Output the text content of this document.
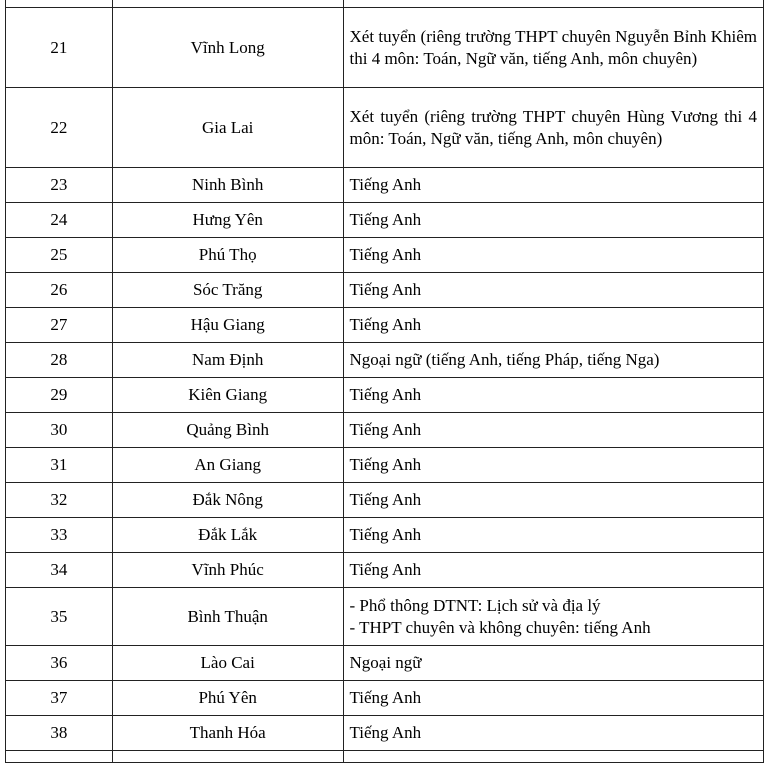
21	Vĩnh Long	Xét tuyển (riêng trường THPT chuyên Nguyễn Bỉnh Khiêm thi 4 môn: Toán, Ngữ văn, tiếng Anh, môn chuyên)

22	Gia Lai	Xét tuyển (riêng trường THPT chuyên Hùng Vương thi 4 môn: Toán, Ngữ văn, tiếng Anh, môn chuyên)

23	Ninh Bình	Tiếng Anh

24	Hưng Yên	Tiếng Anh

25	Phú Thọ	Tiếng Anh

26	Sóc Trăng	Tiếng Anh

27	Hậu Giang	Tiếng Anh

28	Nam Định	Ngoại ngữ (tiếng Anh, tiếng Pháp, tiếng Nga)

29	Kiên Giang	Tiếng Anh

30	Quảng Bình	Tiếng Anh

31	An Giang	Tiếng Anh

32	Đắk Nông	Tiếng Anh

33	Đắk Lắk	Tiếng Anh

34	Vĩnh Phúc	Tiếng Anh

35	Bình Thuận	- Phổ thông DTNT: Lịch sử và địa lý
- THPT chuyên và không chuyên: tiếng Anh

36	Lào Cai	Ngoại ngữ

37	Phú Yên	Tiếng Anh

38	Thanh Hóa	Tiếng Anh
